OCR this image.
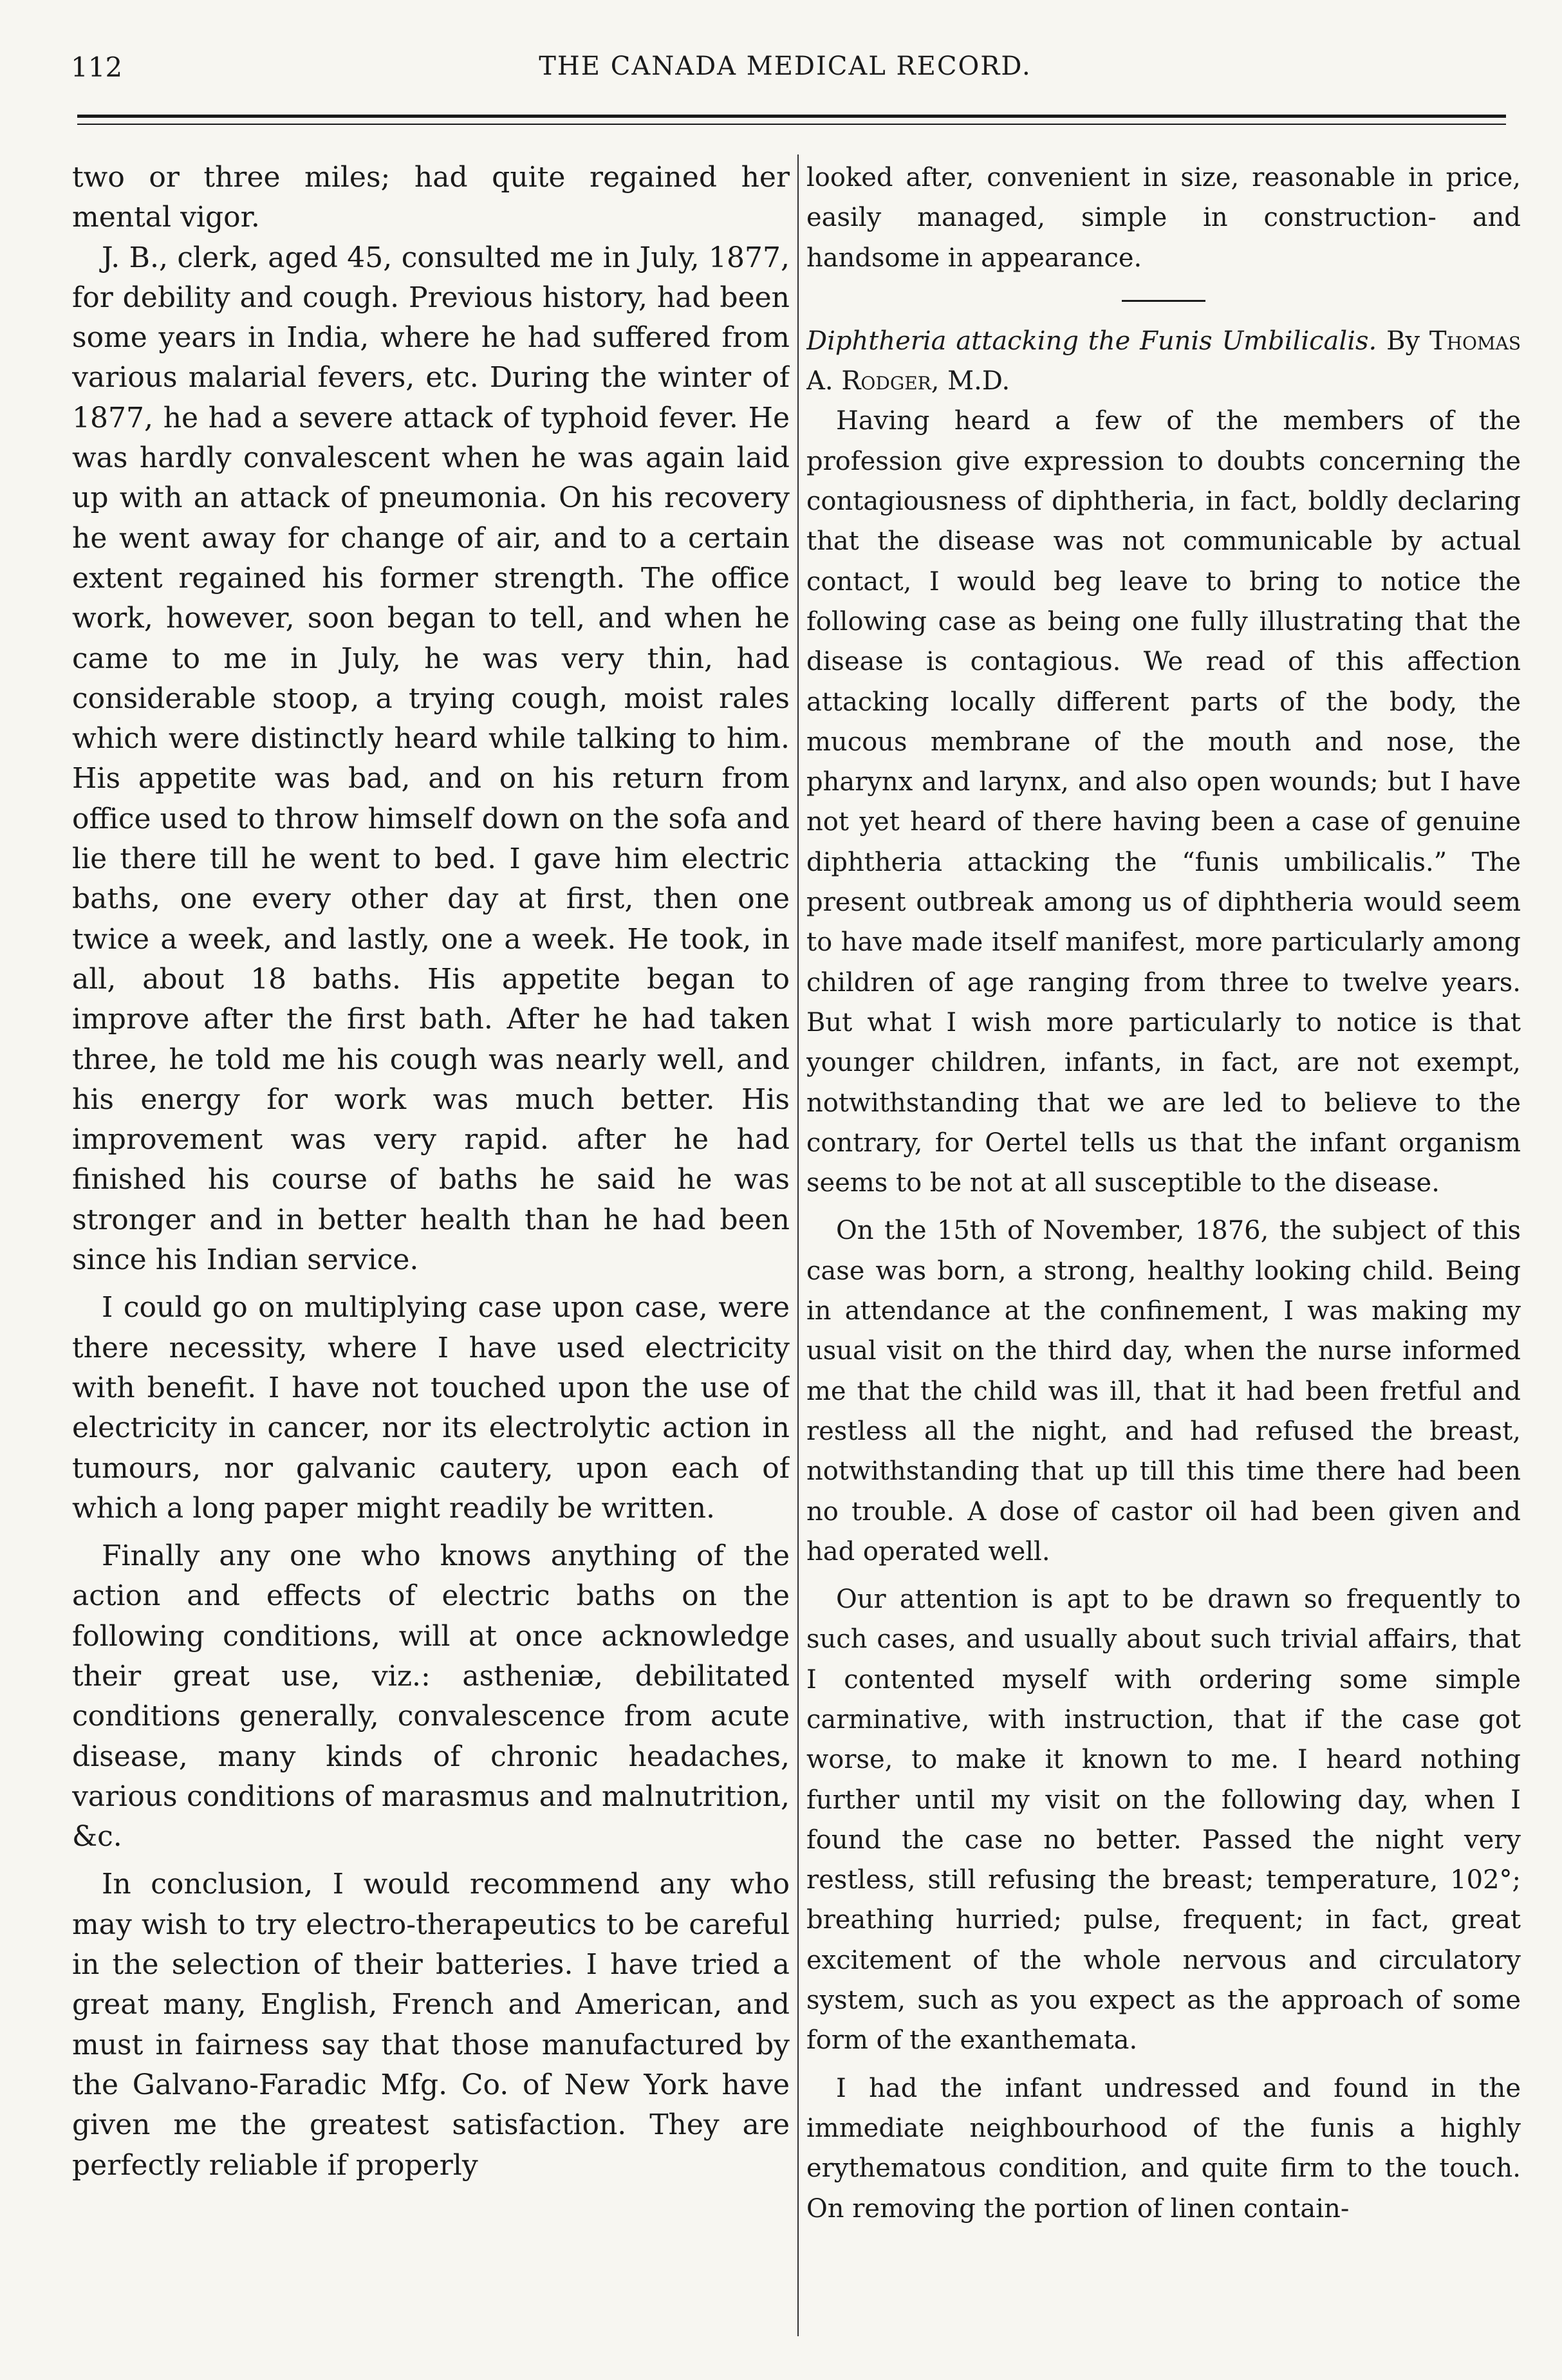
112	THE CANADA MEDICAL RECORD.

two or three miles; had quite regained her mental vigor.

J. B., clerk, aged 45, consulted me in July, 1877, for debility and cough. Previous history, had been some years in India, where he had suffered from various malarial fevers, etc. During the winter of 1877, he had a severe attack of typhoid fever. He was hardly convalescent when he was again laid up with an attack of pneumonia. On his recovery he went away for change of air, and to a certain extent regained his former strength. The office work, however, soon began to tell, and when he came to me in July, he was very thin, had considerable stoop, a trying cough, moist rales which were distinctly heard while talking to him. His appetite was bad, and on his return from office used to throw himself down on the sofa and lie there till he went to bed. I gave him electric baths, one every other day at first, then one twice a week, and lastly, one a week. He took, in all, about 18 baths. His appetite began to improve after the first bath. After he had taken three, he told me his cough was nearly well, and his energy for work was much better. His improvement was very rapid. after he had finished his course of baths he said he was stronger and in better health than he had been since his Indian service.

I could go on multiplying case upon case, were there necessity, where I have used electricity with benefit. I have not touched upon the use of electricity in cancer, nor its electrolytic action in tumours, nor galvanic cautery, upon each of which a long paper might readily be written.

Finally any one who knows anything of the action and effects of electric baths on the following conditions, will at once acknowledge their great use, viz.: astheniæ, debilitated conditions generally, convalescence from acute disease, many kinds of chronic headaches, various conditions of marasmus and malnutrition, &c.

In conclusion, I would recommend any who may wish to try electro-therapeutics to be careful in the selection of their batteries. I have tried a great many, English, French and American, and must in fairness say that those manufactured by the Galvano-Faradic Mfg. Co. of New York have given me the greatest satisfaction. They are perfectly reliable if properly

looked after, convenient in size, reasonable in price, easily managed, simple in construction- and handsome in appearance.

Diphtheria attacking the Funis Umbilicalis. By Thomas A. Rodger, M.D.

Having heard a few of the members of the profession give expression to doubts concerning the contagiousness of diphtheria, in fact, boldly declaring that the disease was not communicable by actual contact, I would beg leave to bring to notice the following case as being one fully illustrating that the disease is contagious. We read of this affection attacking locally different parts of the body, the mucous membrane of the mouth and nose, the pharynx and larynx, and also open wounds; but I have not yet heard of there having been a case of genuine diphtheria attacking the “funis umbilicalis.” The present outbreak among us of diphtheria would seem to have made itself manifest, more particularly among children of age ranging from three to twelve years. But what I wish more particularly to notice is that younger children, infants, in fact, are not exempt, notwithstanding that we are led to believe to the contrary, for Oertel tells us that the infant organism seems to be not at all susceptible to the disease.

On the 15th of November, 1876, the subject of this case was born, a strong, healthy looking child. Being in attendance at the confinement, I was making my usual visit on the third day, when the nurse informed me that the child was ill, that it had been fretful and restless all the night, and had refused the breast, notwithstanding that up till this time there had been no trouble. A dose of castor oil had been given and had operated well.

Our attention is apt to be drawn so frequently to such cases, and usually about such trivial affairs, that I contented myself with ordering some simple carminative, with instruction, that if the case got worse, to make it known to me. I heard nothing further until my visit on the following day, when I found the case no better. Passed the night very restless, still refusing the breast; temperature, 102°; breathing hurried; pulse, frequent; in fact, great excitement of the whole nervous and circulatory system, such as you expect as the approach of some form of the exanthemata.

I had the infant undressed and found in the immediate neighbourhood of the funis a highly erythematous condition, and quite firm to the touch. On removing the portion of linen contain-
